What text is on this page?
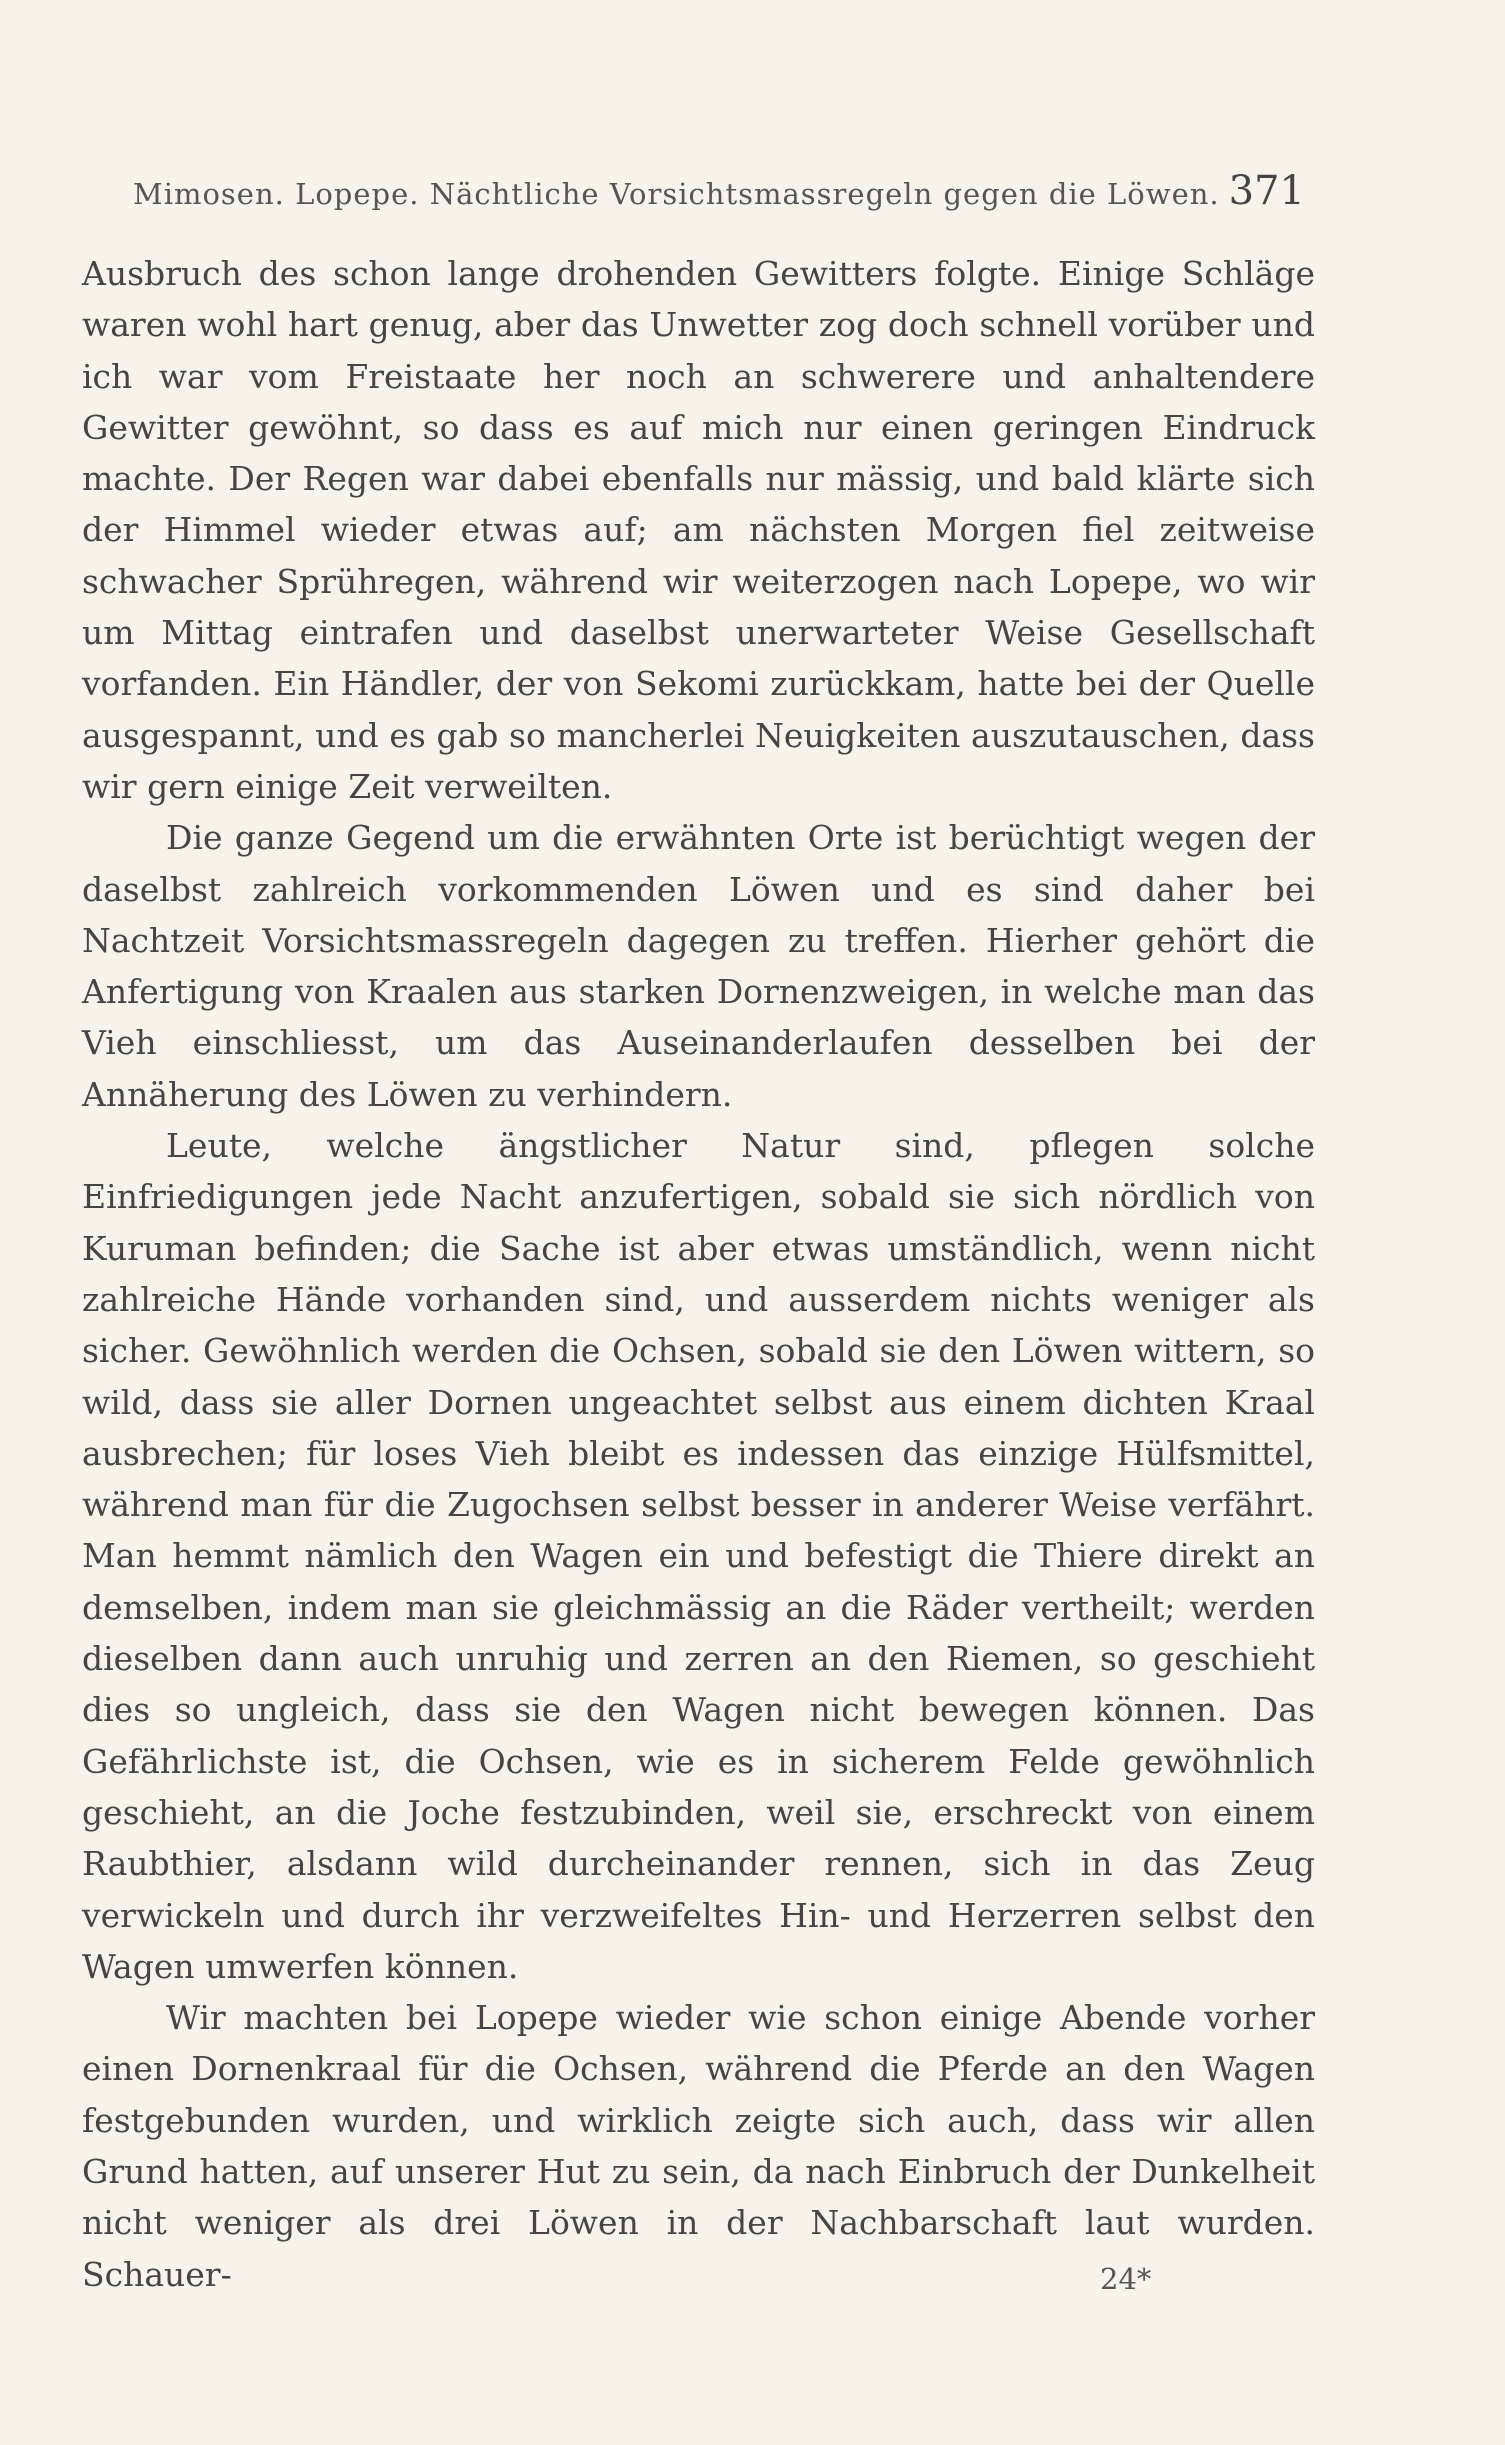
Mimosen. Lopepe. Nächtliche Vorsichtsmassregeln gegen die Löwen. 371

Ausbruch des schon lange drohenden Gewitters folgte. Einige Schläge waren wohl hart genug, aber das Unwetter zog doch schnell vorüber und ich war vom Freistaate her noch an schwerere und anhaltendere Gewitter gewöhnt, so dass es auf mich nur einen geringen Eindruck machte. Der Regen war dabei ebenfalls nur mässig, und bald klärte sich der Himmel wieder etwas auf; am nächsten Morgen fiel zeitweise schwacher Sprühregen, während wir weiterzogen nach Lopepe, wo wir um Mittag eintrafen und daselbst unerwarteter Weise Gesellschaft vorfanden. Ein Händler, der von Sekomi zurückkam, hatte bei der Quelle ausgespannt, und es gab so mancherlei Neuigkeiten auszutauschen, dass wir gern einige Zeit verweilten.

Die ganze Gegend um die erwähnten Orte ist berüchtigt wegen der daselbst zahlreich vorkommenden Löwen und es sind daher bei Nachtzeit Vorsichtsmassregeln dagegen zu treffen. Hierher gehört die Anfertigung von Kraalen aus starken Dornenzweigen, in welche man das Vieh einschliesst, um das Auseinanderlaufen desselben bei der Annäherung des Löwen zu verhindern.

Leute, welche ängstlicher Natur sind, pflegen solche Einfriedigungen jede Nacht anzufertigen, sobald sie sich nördlich von Kuruman befinden; die Sache ist aber etwas umständlich, wenn nicht zahlreiche Hände vorhanden sind, und ausserdem nichts weniger als sicher. Gewöhnlich werden die Ochsen, sobald sie den Löwen wittern, so wild, dass sie aller Dornen ungeachtet selbst aus einem dichten Kraal ausbrechen; für loses Vieh bleibt es indessen das einzige Hülfsmittel, während man für die Zugochsen selbst besser in anderer Weise verfährt. Man hemmt nämlich den Wagen ein und befestigt die Thiere direkt an demselben, indem man sie gleichmässig an die Räder vertheilt; werden dieselben dann auch unruhig und zerren an den Riemen, so geschieht dies so ungleich, dass sie den Wagen nicht bewegen können. Das Gefährlichste ist, die Ochsen, wie es in sicherem Felde gewöhnlich geschieht, an die Joche festzubinden, weil sie, erschreckt von einem Raubthier, alsdann wild durcheinander rennen, sich in das Zeug verwickeln und durch ihr verzweifeltes Hin- und Herzerren selbst den Wagen umwerfen können.

Wir machten bei Lopepe wieder wie schon einige Abende vorher einen Dornenkraal für die Ochsen, während die Pferde an den Wagen festgebunden wurden, und wirklich zeigte sich auch, dass wir allen Grund hatten, auf unserer Hut zu sein, da nach Einbruch der Dunkelheit nicht weniger als drei Löwen in der Nachbarschaft laut wurden. Schauer-	24*
